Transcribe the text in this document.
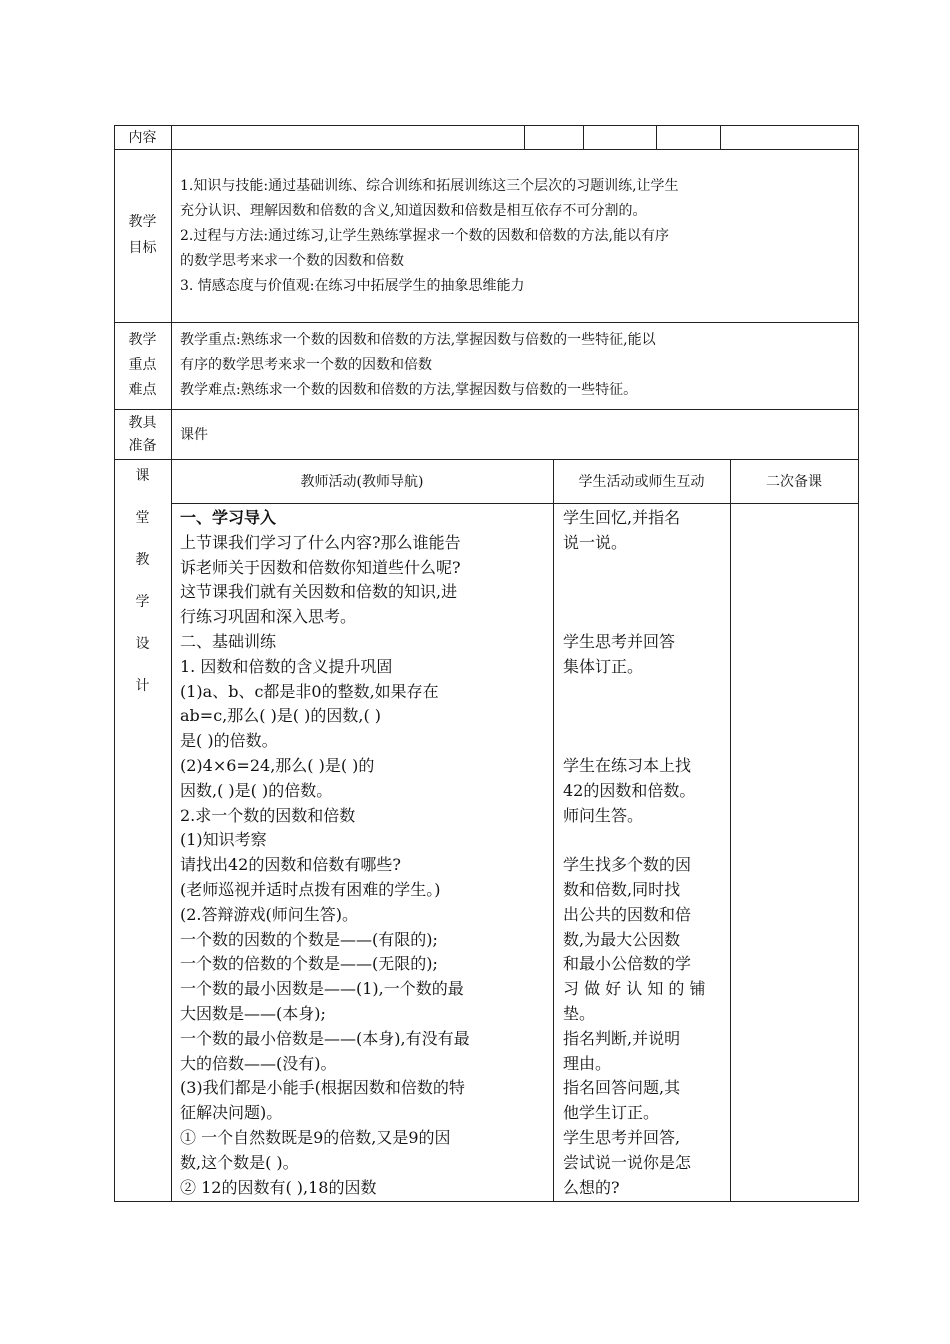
内容
教学
目标
1.知识与技能:通过基础训练、综合训练和拓展训练这三个层次的习题训练,让学生
充分认识、理解因数和倍数的含义,知道因数和倍数是相互依存不可分割的。
2.过程与方法:通过练习,让学生熟练掌握求一个数的因数和倍数的方法,能以有序
的数学思考来求一个数的因数和倍数
3. 情感态度与价值观:在练习中拓展学生的抽象思维能力
教学
重点
难点
教学重点:熟练求一个数的因数和倍数的方法,掌握因数与倍数的一些特征,能以
有序的数学思考来求一个数的因数和倍数
教学难点:熟练求一个数的因数和倍数的方法,掌握因数与倍数的一些特征。
教具
准备
课件
课
堂
教
学
设
计
教师活动(教师导航)	学生活动或师生互动	二次备课
一、学习导入
上节课我们学习了什么内容?那么谁能告
诉老师关于因数和倍数你知道些什么呢?
这节课我们就有关因数和倍数的知识,进
行练习巩固和深入思考。
二、基础训练
1. 因数和倍数的含义提升巩固
(1)a、b、c都是非0的整数,如果存在
ab=c,那么( )是( )的因数,( )
是( )的倍数。
(2)4×6=24,那么( )是( )的
因数,( )是( )的倍数。
2.求一个数的因数和倍数
(1)知识考察
请找出42的因数和倍数有哪些?
(老师巡视并适时点拨有困难的学生。)
(2.答辩游戏(师问生答)。
一个数的因数的个数是——(有限的);
一个数的倍数的个数是——(无限的);
一个数的最小因数是——(1),一个数的最
大因数是——(本身);
一个数的最小倍数是——(本身),有没有最
大的倍数——(没有)。
(3)我们都是小能手(根据因数和倍数的特
征解决问题)。
① 一个自然数既是9的倍数,又是9的因
数,这个数是( )。
② 12的因数有( ),18的因数
学生回忆,并指名
说一说。
学生思考并回答
集体订正。
学生在练习本上找
42的因数和倍数。
师问生答。
学生找多个数的因
数和倍数,同时找
出公共的因数和倍
数,为最大公因数
和最小公倍数的学
习 做 好 认 知 的 铺
垫。
指名判断,并说明
理由。
指名回答问题,其
他学生订正。
学生思考并回答,
尝试说一说你是怎
么想的?
